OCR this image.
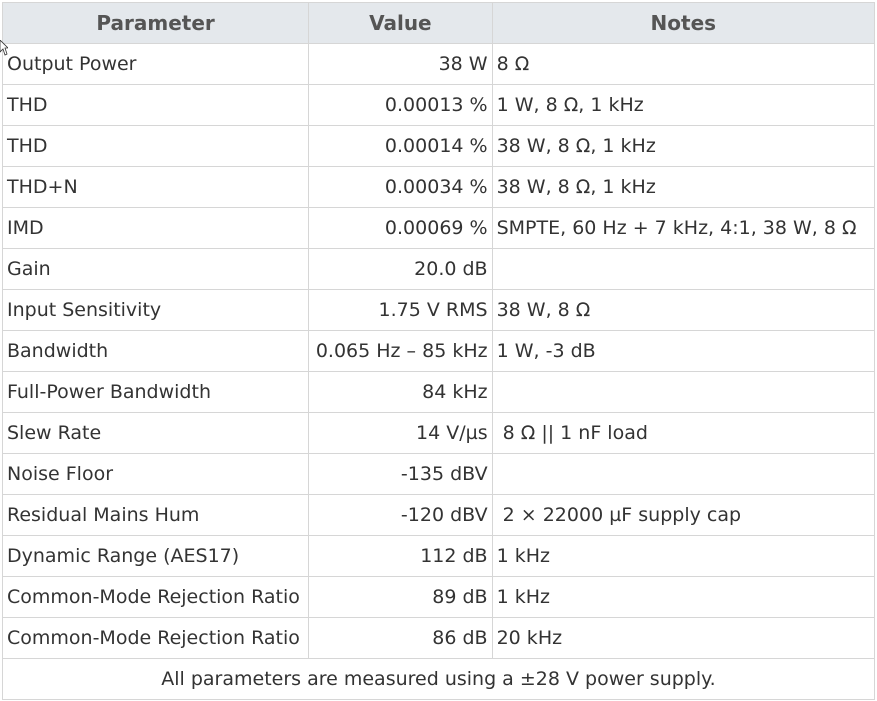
Parameter	Value	Notes
Output Power	38 W	8 Ω
THD	0.00013 %	1 W, 8 Ω, 1 kHz
THD	0.00014 %	38 W, 8 Ω, 1 kHz
THD+N	0.00034 %	38 W, 8 Ω, 1 kHz
IMD	0.00069 %	SMPTE, 60 Hz + 7 kHz, 4:1, 38 W, 8 Ω
Gain	20.0 dB	
Input Sensitivity	1.75 V RMS	38 W, 8 Ω
Bandwidth	0.065 Hz – 85 kHz	1 W, -3 dB
Full-Power Bandwidth	84 kHz	
Slew Rate	14 V/µs	8 Ω || 1 nF load
Noise Floor	-135 dBV	
Residual Mains Hum	-120 dBV	2 × 22000 µF supply cap
Dynamic Range (AES17)	112 dB	1 kHz
Common-Mode Rejection Ratio	89 dB	1 kHz
Common-Mode Rejection Ratio	86 dB	20 kHz
All parameters are measured using a ±28 V power supply.		
